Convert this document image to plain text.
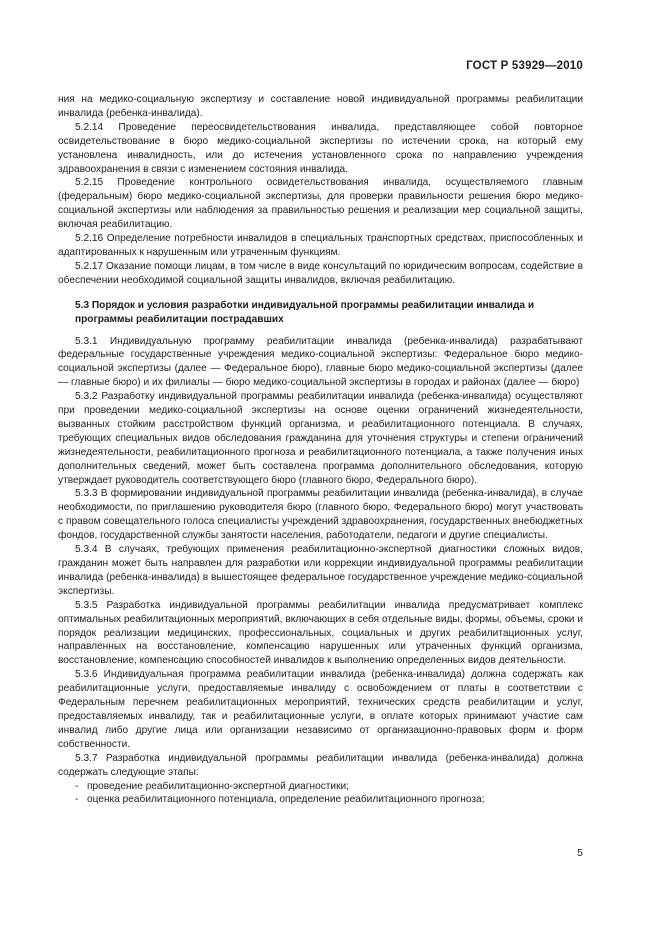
ГОСТ Р 53929—2010

ния на медико-социальную экспертизу и составление новой индивидуальной программы реабилитации инвалида (ребенка-инвалида).

5.2.14 Проведение переосвидетельствования инвалида, представляющее собой повторное освидетельствование в бюро медико-социальной экспертизы по истечении срока, на который ему установлена инвалидность, или до истечения установленного срока по направлению учреждения здравоохранения в связи с изменением состояния инвалида.

5.2.15 Проведение контрольного освидетельствования инвалида, осуществляемого главным (федеральным) бюро медико-социальной экспертизы, для проверки правильности решения бюро медико-социальной экспертизы или наблюдения за правильностью решения и реализации мер социальной защиты, включая реабилитацию.

5.2.16 Определение потребности инвалидов в специальных транспортных средствах, приспособленных и адаптированных к нарушенным или утраченным функциям.

5.2.17 Оказание помощи лицам, в том числе в виде консультаций по юридическим вопросам, содействие в обеспечении необходимой социальной защиты инвалидов, включая реабилитацию.

5.3 Порядок и условия разработки индивидуальной программы реабилитации инвалида и программы реабилитации пострадавших

5.3.1 Индивидуальную программу реабилитации инвалида (ребенка-инвалида) разрабатывают федеральные государственные учреждения медико-социальной экспертизы: Федеральное бюро медико-социальной экспертизы (далее — Федеральное бюро), главные бюро медико-социальной экспертизы (далее — главные бюро) и их филиалы — бюро медико-социальной экспертизы в городах и районах (далее — бюро)

5.3.2 Разработку индивидуальной программы реабилитации инвалида (ребенка-инвалида) осуществляют при проведении медико-социальной экспертизы на основе оценки ограничений жизнедеятельности, вызванных стойким расстройством функций организма, и реабилитационного потенциала. В случаях, требующих специальных видов обследования гражданина для уточнения структуры и степени ограничений жизнедеятельности, реабилитационного прогноза и реабилитационного потенциала, а также получения иных дополнительных сведений, может быть составлена программа дополнительного обследования, которую утверждает руководитель соответствующего бюро (главного бюро, Федерального бюро).

5.3.3 В формировании индивидуальной программы реабилитации инвалида (ребенка-инвалида), в случае необходимости, по приглашению руководителя бюро (главного бюро, Федерального бюро) могут участвовать с правом совещательного голоса специалисты учреждений здравоохранения, государственных внебюджетных фондов, государственной службы занятости населения, работодатели, педагоги и другие специалисты.

5.3.4 В случаях, требующих применения реабилитационно-экспертной диагностики сложных видов, гражданин может быть направлен для разработки или коррекции индивидуальной программы реабилитации инвалида (ребенка-инвалида) в вышестоящее федеральное государственное учреждение медико-социальной экспертизы.

5.3.5 Разработка индивидуальной программы реабилитации инвалида предусматривает комплекс оптимальных реабилитационных мероприятий, включающих в себя отдельные виды, формы, объемы, сроки и порядок реализации медицинских, профессиональных, социальных и других реабилитационных услуг, направленных на восстановление, компенсацию нарушенных или утраченных функций организма, восстановление, компенсацию способностей инвалидов к выполнению определенных видов деятельности.

5.3.6 Индивидуальная программа реабилитации инвалида (ребенка-инвалида) должна содержать как реабилитационные услуги, предоставляемые инвалиду с освобождением от платы в соответствии с Федеральным перечнем реабилитационных мероприятий, технических средств реабилитации и услуг, предоставляемых инвалиду, так и реабилитационные услуги, в оплате которых принимают участие сам инвалид либо другие лица или организации независимо от организационно-правовых форм и форм собственности.

5.3.7 Разработка индивидуальной программы реабилитации инвалида (ребенка-инвалида) должна содержать следующие этапы:

- проведение реабилитационно-экспертной диагностики;
- оценка реабилитационного потенциала, определение реабилитационного прогноза;
5
